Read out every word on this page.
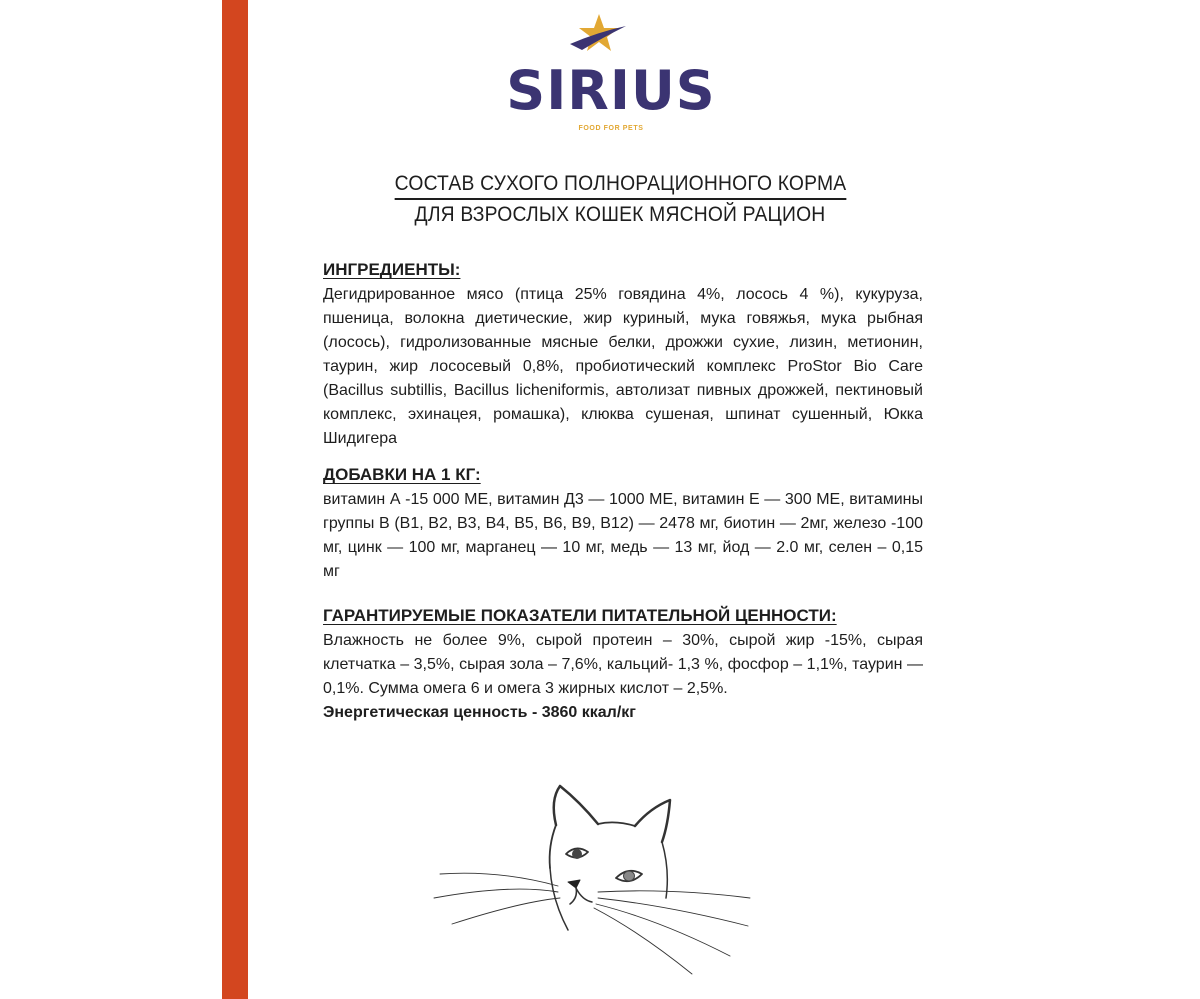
SIRIUS
FOOD FOR PETS
СОСТАВ СУХОГО ПОЛНОРАЦИОННОГО КОРМА
ДЛЯ ВЗРОСЛЫХ КОШЕК МЯСНОЙ РАЦИОН
ИНГРЕДИЕНТЫ:
Дегидрированное мясо (птица 25% говядина 4%, лосось 4 %), кукуруза, пшеница, волокна диетические, жир куриный, мука говяжья, мука рыбная (лосось), гидролизованные мясные белки, дрожжи сухие, лизин, метионин, таурин, жир лососевый 0,8%, пробиотический комплекс ProStor Bio Care (Bacillus subtillis, Bacillus licheniformis, автолизат пивных дрожжей, пектиновый комплекс, эхинацея, ромашка), клюква сушеная, шпинат сушенный, Юкка Шидигера
ДОБАВКИ НА 1 КГ:
витамин А -15 000 МЕ, витамин Д3 — 1000 МЕ, витамин Е — 300 МЕ, витамины группы В (В1, В2, В3, В4, В5, В6, В9, В12) — 2478 мг, биотин — 2мг, железо -100 мг, цинк — 100 мг, марганец — 10 мг, медь — 13 мг, йод — 2.0 мг, селен – 0,15 мг
ГАРАНТИРУЕМЫЕ ПОКАЗАТЕЛИ ПИТАТЕЛЬНОЙ ЦЕННОСТИ:
Влажность не более 9%, сырой протеин – 30%, сырой жир -15%, сырая клетчатка – 3,5%, сырая зола – 7,6%, кальций- 1,3 %, фосфор – 1,1%, таурин — 0,1%. Сумма омега 6 и омега 3 жирных кислот – 2,5%.
Энергетическая ценность - 3860 ккал/кг
